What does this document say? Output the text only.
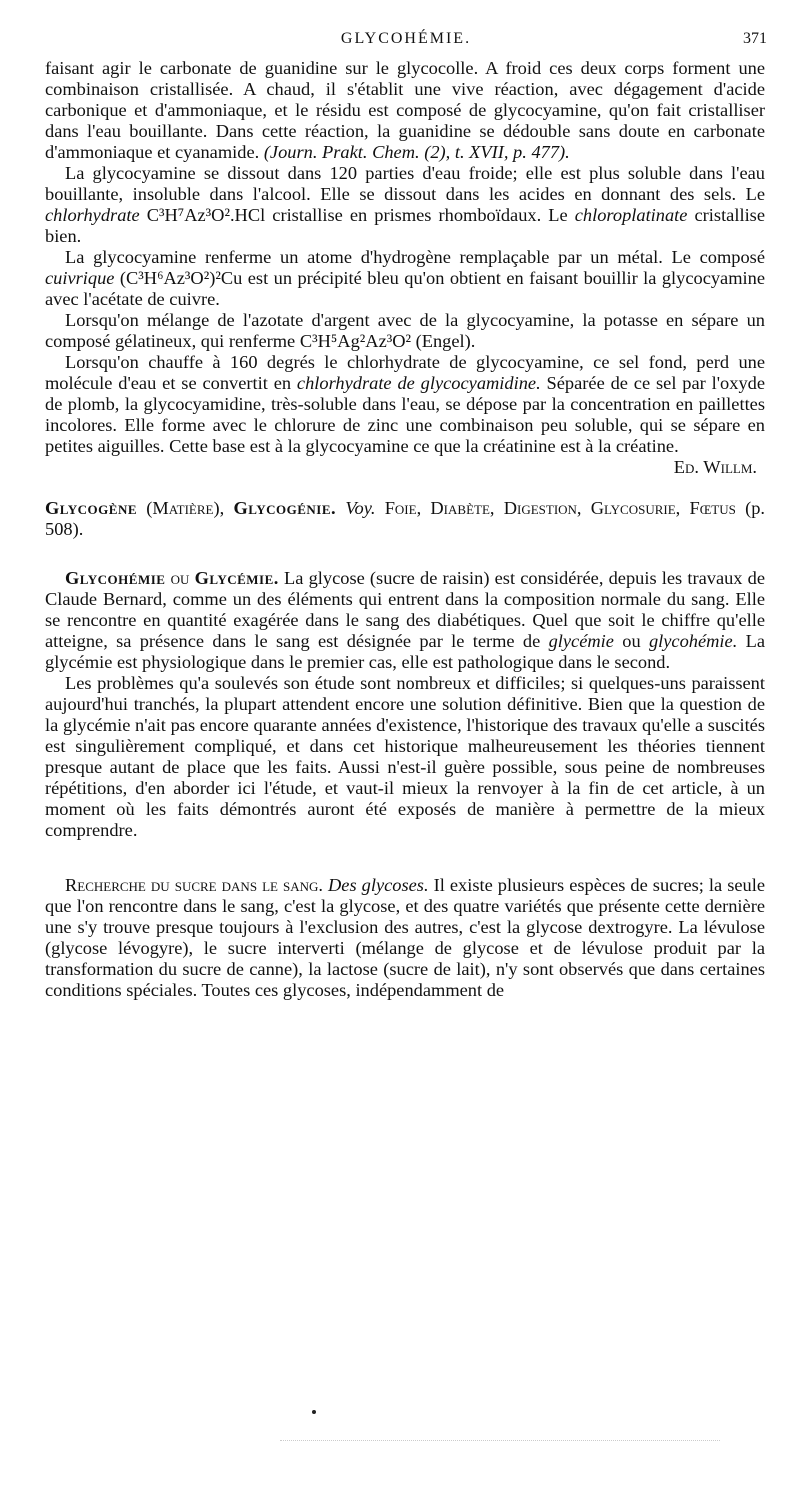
GLYCOHÉMIE.	371

faisant agir le carbonate de guanidine sur le glycocolle. A froid ces deux corps forment une combinaison cristallisée. A chaud, il s'établit une vive réaction, avec dégagement d'acide carbonique et d'ammoniaque, et le résidu est composé de glycocyamine, qu'on fait cristalliser dans l'eau bouillante. Dans cette réaction, la guanidine se dédouble sans doute en carbonate d'ammoniaque et cyanamide. (Journ. Prakt. Chem. (2), t. XVII, p. 477).

La glycocyamine se dissout dans 120 parties d'eau froide; elle est plus soluble dans l'eau bouillante, insoluble dans l'alcool. Elle se dissout dans les acides en donnant des sels. Le chlorhydrate C³H⁷Az³O².HCl cristallise en prismes rhomboïdaux. Le chloroplatinate cristallise bien.

La glycocyamine renferme un atome d'hydrogène remplaçable par un métal. Le composé cuivrique (C³H⁶Az³O²)²Cu est un précipité bleu qu'on obtient en faisant bouillir la glycocyamine avec l'acétate de cuivre.

Lorsqu'on mélange de l'azotate d'argent avec de la glycocyamine, la potasse en sépare un composé gélatineux, qui renferme C³H⁵Ag²Az³O² (Engel).

Lorsqu'on chauffe à 160 degrés le chlorhydrate de glycocyamine, ce sel fond, perd une molécule d'eau et se convertit en chlorhydrate de glycocyamidine. Séparée de ce sel par l'oxyde de plomb, la glycocyamidine, très-soluble dans l'eau, se dépose par la concentration en paillettes incolores. Elle forme avec le chlorure de zinc une combinaison peu soluble, qui se sépare en petites aiguilles. Cette base est à la glycocyamine ce que la créatinine est à la créatine.

Ed. Willm.

Glycogène (Matière), Glycogénie. Voy. Foie, Diabète, Digestion, Glycosurie, Fœtus (p. 508).

Glycohémie ou Glycémie. La glycose (sucre de raisin) est considérée, depuis les travaux de Claude Bernard, comme un des éléments qui entrent dans la composition normale du sang. Elle se rencontre en quantité exagérée dans le sang des diabétiques. Quel que soit le chiffre qu'elle atteigne, sa présence dans le sang est désignée par le terme de glycémie ou glycohémie. La glycémie est physiologique dans le premier cas, elle est pathologique dans le second.

Les problèmes qu'a soulevés son étude sont nombreux et difficiles; si quelques-uns paraissent aujourd'hui tranchés, la plupart attendent encore une solution définitive. Bien que la question de la glycémie n'ait pas encore quarante années d'existence, l'historique des travaux qu'elle a suscités est singulièrement compliqué, et dans cet historique malheureusement les théories tiennent presque autant de place que les faits. Aussi n'est-il guère possible, sous peine de nombreuses répétitions, d'en aborder ici l'étude, et vaut-il mieux la renvoyer à la fin de cet article, à un moment où les faits démontrés auront été exposés de manière à permettre de la mieux comprendre.

Recherche du sucre dans le sang. Des glycoses. Il existe plusieurs espèces de sucres; la seule que l'on rencontre dans le sang, c'est la glycose, et des quatre variétés que présente cette dernière une s'y trouve presque toujours à l'exclusion des autres, c'est la glycose dextrogyre. La lévulose (glycose lévogyre), le sucre interverti (mélange de glycose et de lévulose produit par la transformation du sucre de canne), la lactose (sucre de lait), n'y sont observés que dans certaines conditions spéciales. Toutes ces glycoses, indépendamment de
